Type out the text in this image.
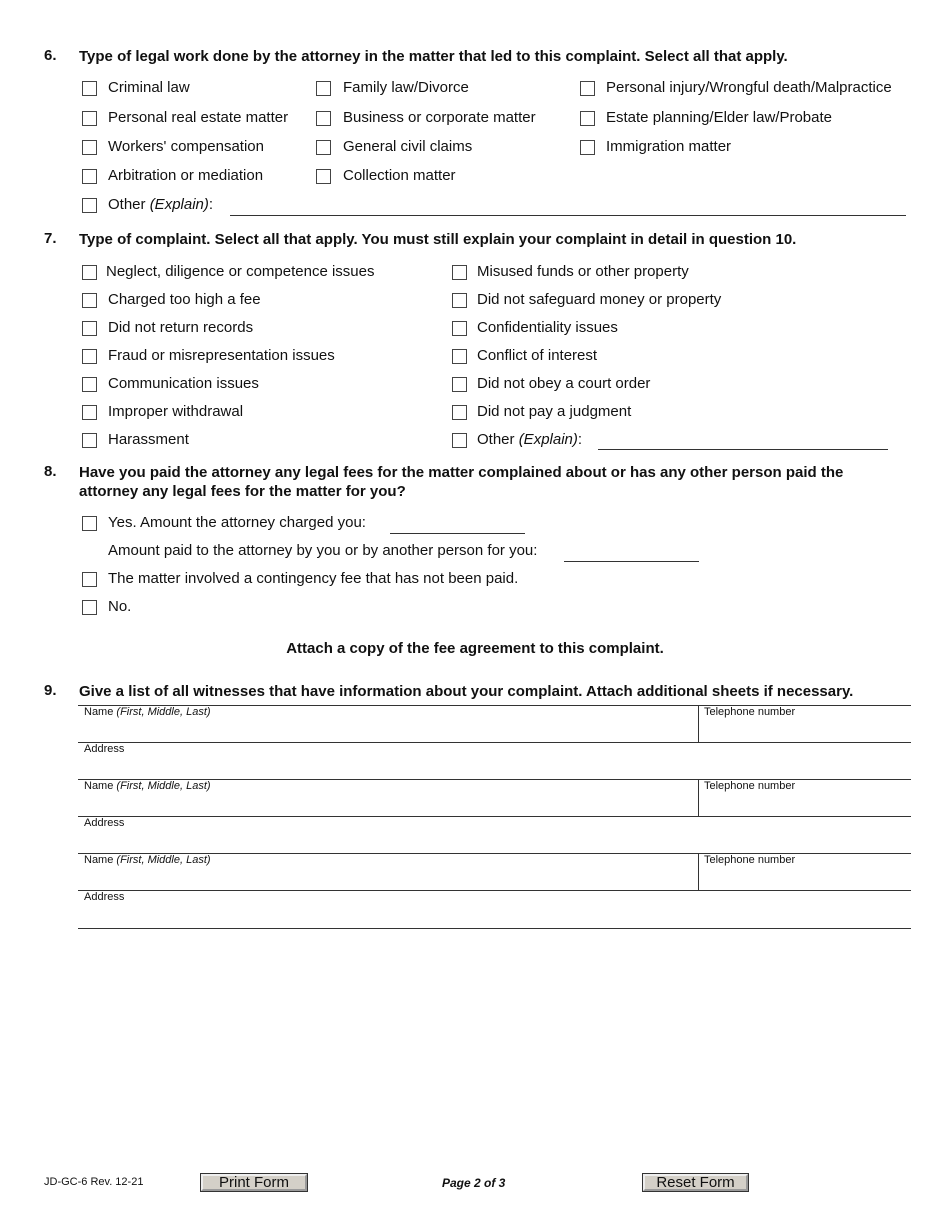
6. Type of legal work done by the attorney in the matter that led to this complaint. Select all that apply.
Criminal law	Family law/Divorce	Personal injury/Wrongful death/Malpractice
Personal real estate matter	Business or corporate matter	Estate planning/Elder law/Probate
Workers' compensation	General civil claims	Immigration matter
Arbitration or mediation	Collection matter
Other (Explain):
7. Type of complaint. Select all that apply. You must still explain your complaint in detail in question 10.
Neglect, diligence or competence issues	Misused funds or other property
Charged too high a fee	Did not safeguard money or property
Did not return records	Confidentiality issues
Fraud or misrepresentation issues	Conflict of interest
Communication issues	Did not obey a court order
Improper withdrawal	Did not pay a judgment
Harassment	Other (Explain):
8. Have you paid the attorney any legal fees for the matter complained about or has any other person paid the attorney any legal fees for the matter for you?
Yes. Amount the attorney charged you:
Amount paid to the attorney by you or by another person for you:
The matter involved a contingency fee that has not been paid.
No.
Attach a copy of the fee agreement to this complaint.
9. Give a list of all witnesses that have information about your complaint. Attach additional sheets if necessary.
Name (First, Middle, Last)	Telephone number
Address
Name (First, Middle, Last)	Telephone number
Address
Name (First, Middle, Last)	Telephone number
Address
JD-GC-6 Rev. 12-21	Print Form	Page 2 of 3	Reset Form
